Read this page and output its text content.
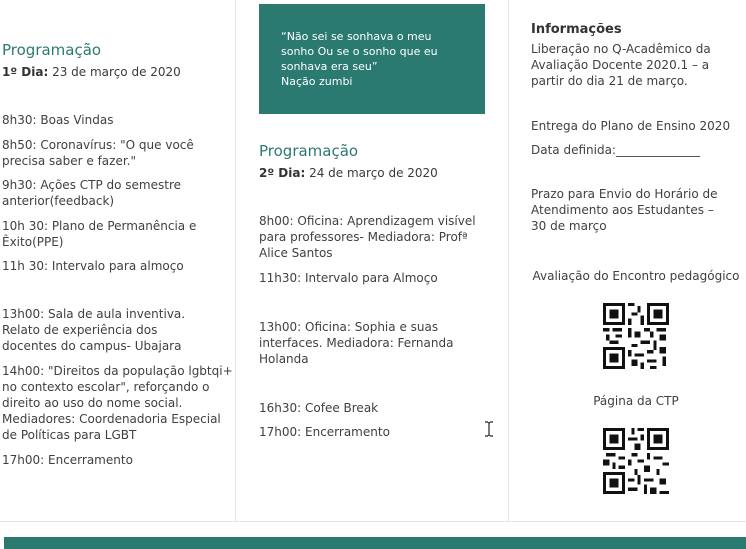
Programação
1º Dia: 23 de março de 2020
8h30: Boas Vindas
8h50: Coronavírus: "O que você precisa saber e fazer."
9h30: Ações CTP do semestre anterior(feedback)
10h 30: Plano de Permanência e Êxito(PPE)
11h 30: Intervalo para almoço
13h00: Sala de aula inventiva. Relato de experiência dos docentes do campus- Ubajara
14h00: "Direitos da população lgbtqi+ no contexto escolar", reforçando o direito ao uso do nome social. Mediadores: Coordenadoria Especial de Políticas para LGBT
17h00: Encerramento
“Não sei se sonhava o meu
sonho Ou se o sonho que eu
sonhava era seu”
Nação zumbi
Programação
2º Dia: 24 de março de 2020
8h00: Oficina: Aprendizagem visível para professores- Mediadora: Profª Alice Santos
11h30: Intervalo para Almoço
13h00: Oficina: Sophia e suas interfaces. Mediadora: Fernanda Holanda
16h30: Cofee Break
17h00: Encerramento
Informações
Liberação no Q-Acadêmico da Avaliação Docente 2020.1 – a partir do dia 21 de março.
Entrega do Plano de Ensino 2020
Data definida:______________
Prazo para Envio do Horário de Atendimento aos Estudantes – 30 de março
Avaliação do Encontro pedagógico
Página da CTP
